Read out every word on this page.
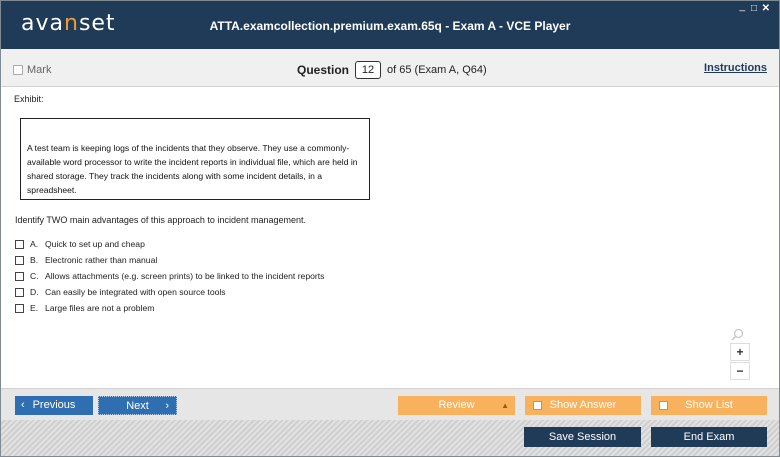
avanset	ATTA.examcollection.premium.exam.65q - Exam A - VCE Player
_ □ ✕
Mark	Question	12	of 65 (Exam A, Q64)	Instructions
Exhibit:
A test team is keeping logs of the incidents that they observe. They use a commonly-available word processor to write the incident reports in individual file, which are held in shared storage. They track the incidents along with some incident details, in a spreadsheet.
Identify TWO main advantages of this approach to incident management.
A. Quick to set up and cheap
B. Electronic rather than manual
C. Allows attachments (e.g. screen prints) to be linked to the incident reports
D. Can easily be integrated with open source tools
E. Large files are not a problem
+
−
‹ Previous	Next ›	Review	▲	Show Answer	Show List
Save Session	End Exam
